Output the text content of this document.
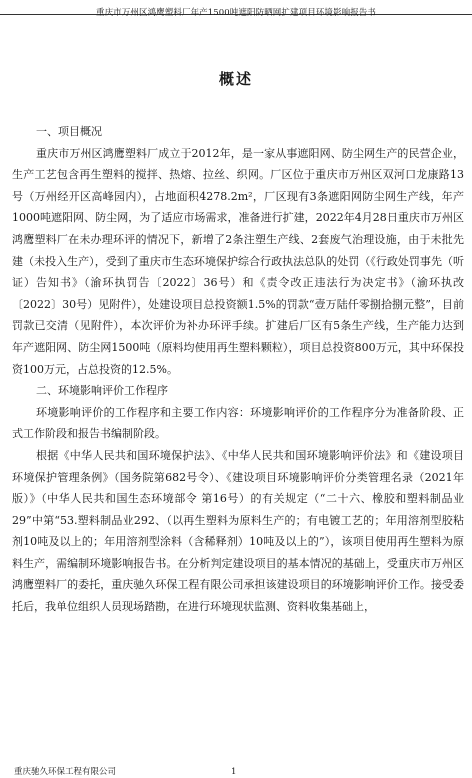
重庆市万州区鸿鹰塑料厂年产1500吨遮阳防晒网扩建项目环境影响报告书
概述

一、项目概况

重庆市万州区鸿鹰塑料厂成立于2012年，是一家从事遮阳网、防尘网生产的民营企业，生产工艺包含再生塑料的搅拌、热熔、拉丝、织网。厂区位于重庆市万州区双河口龙康路13号（万州经开区高峰园内），占地面积4278.2m²，厂区现有3条遮阳网防尘网生产线，年产1000吨遮阳网、防尘网，为了适应市场需求，准备进行扩建，2022年4月28日重庆市万州区鸿鹰塑料厂在未办理环评的情况下，新增了2条注塑生产线、2套废气治理设施，由于未批先建（未投入生产），受到了重庆市生态环境保护综合行政执法总队的处罚（《行政处罚事先（听证）告知书》（渝环执罚告〔2022〕36号）和《责令改正违法行为决定书》（渝环执改〔2022〕30号）见附件），处建设项目总投资额1.5%的罚款“壹万陆仟零捌拾捌元整”，目前罚款已交清（见附件），本次评价为补办环评手续。扩建后厂区有5条生产线，生产能力达到年产遮阳网、防尘网1500吨（原料均使用再生塑料颗粒），项目总投资800万元，其中环保投资100万元，占总投资的12.5%。

二、环境影响评价工作程序

环境影响评价的工作程序和主要工作内容：环境影响评价的工作程序分为准备阶段、正式工作阶段和报告书编制阶段。

根据《中华人民共和国环境保护法》、《中华人民共和国环境影响评价法》和《建设项目环境保护管理条例》（国务院第682号令）、《建设项目环境影响评价分类管理名录（2021年版）》（中华人民共和国生态环境部令 第16号）的有关规定（“二十六、橡胶和塑料制品业29”中第“53.塑料制品业292、（以再生塑料为原料生产的；有电镀工艺的；年用溶剂型胶粘剂10吨及以上的；年用溶剂型涂料（含稀释剂）10吨及以上的”），该项目使用再生塑料为原料生产，需编制环境影响报告书。在分析判定建设项目的基本情况的基础上，受重庆市万州区鸿鹰塑料厂的委托，重庆驰久环保工程有限公司承担该建设项目的环境影响评价工作。接受委托后，我单位组织人员现场踏勘，在进行环境现状监测、资料收集基础上，

重庆驰久环保工程有限公司	1
